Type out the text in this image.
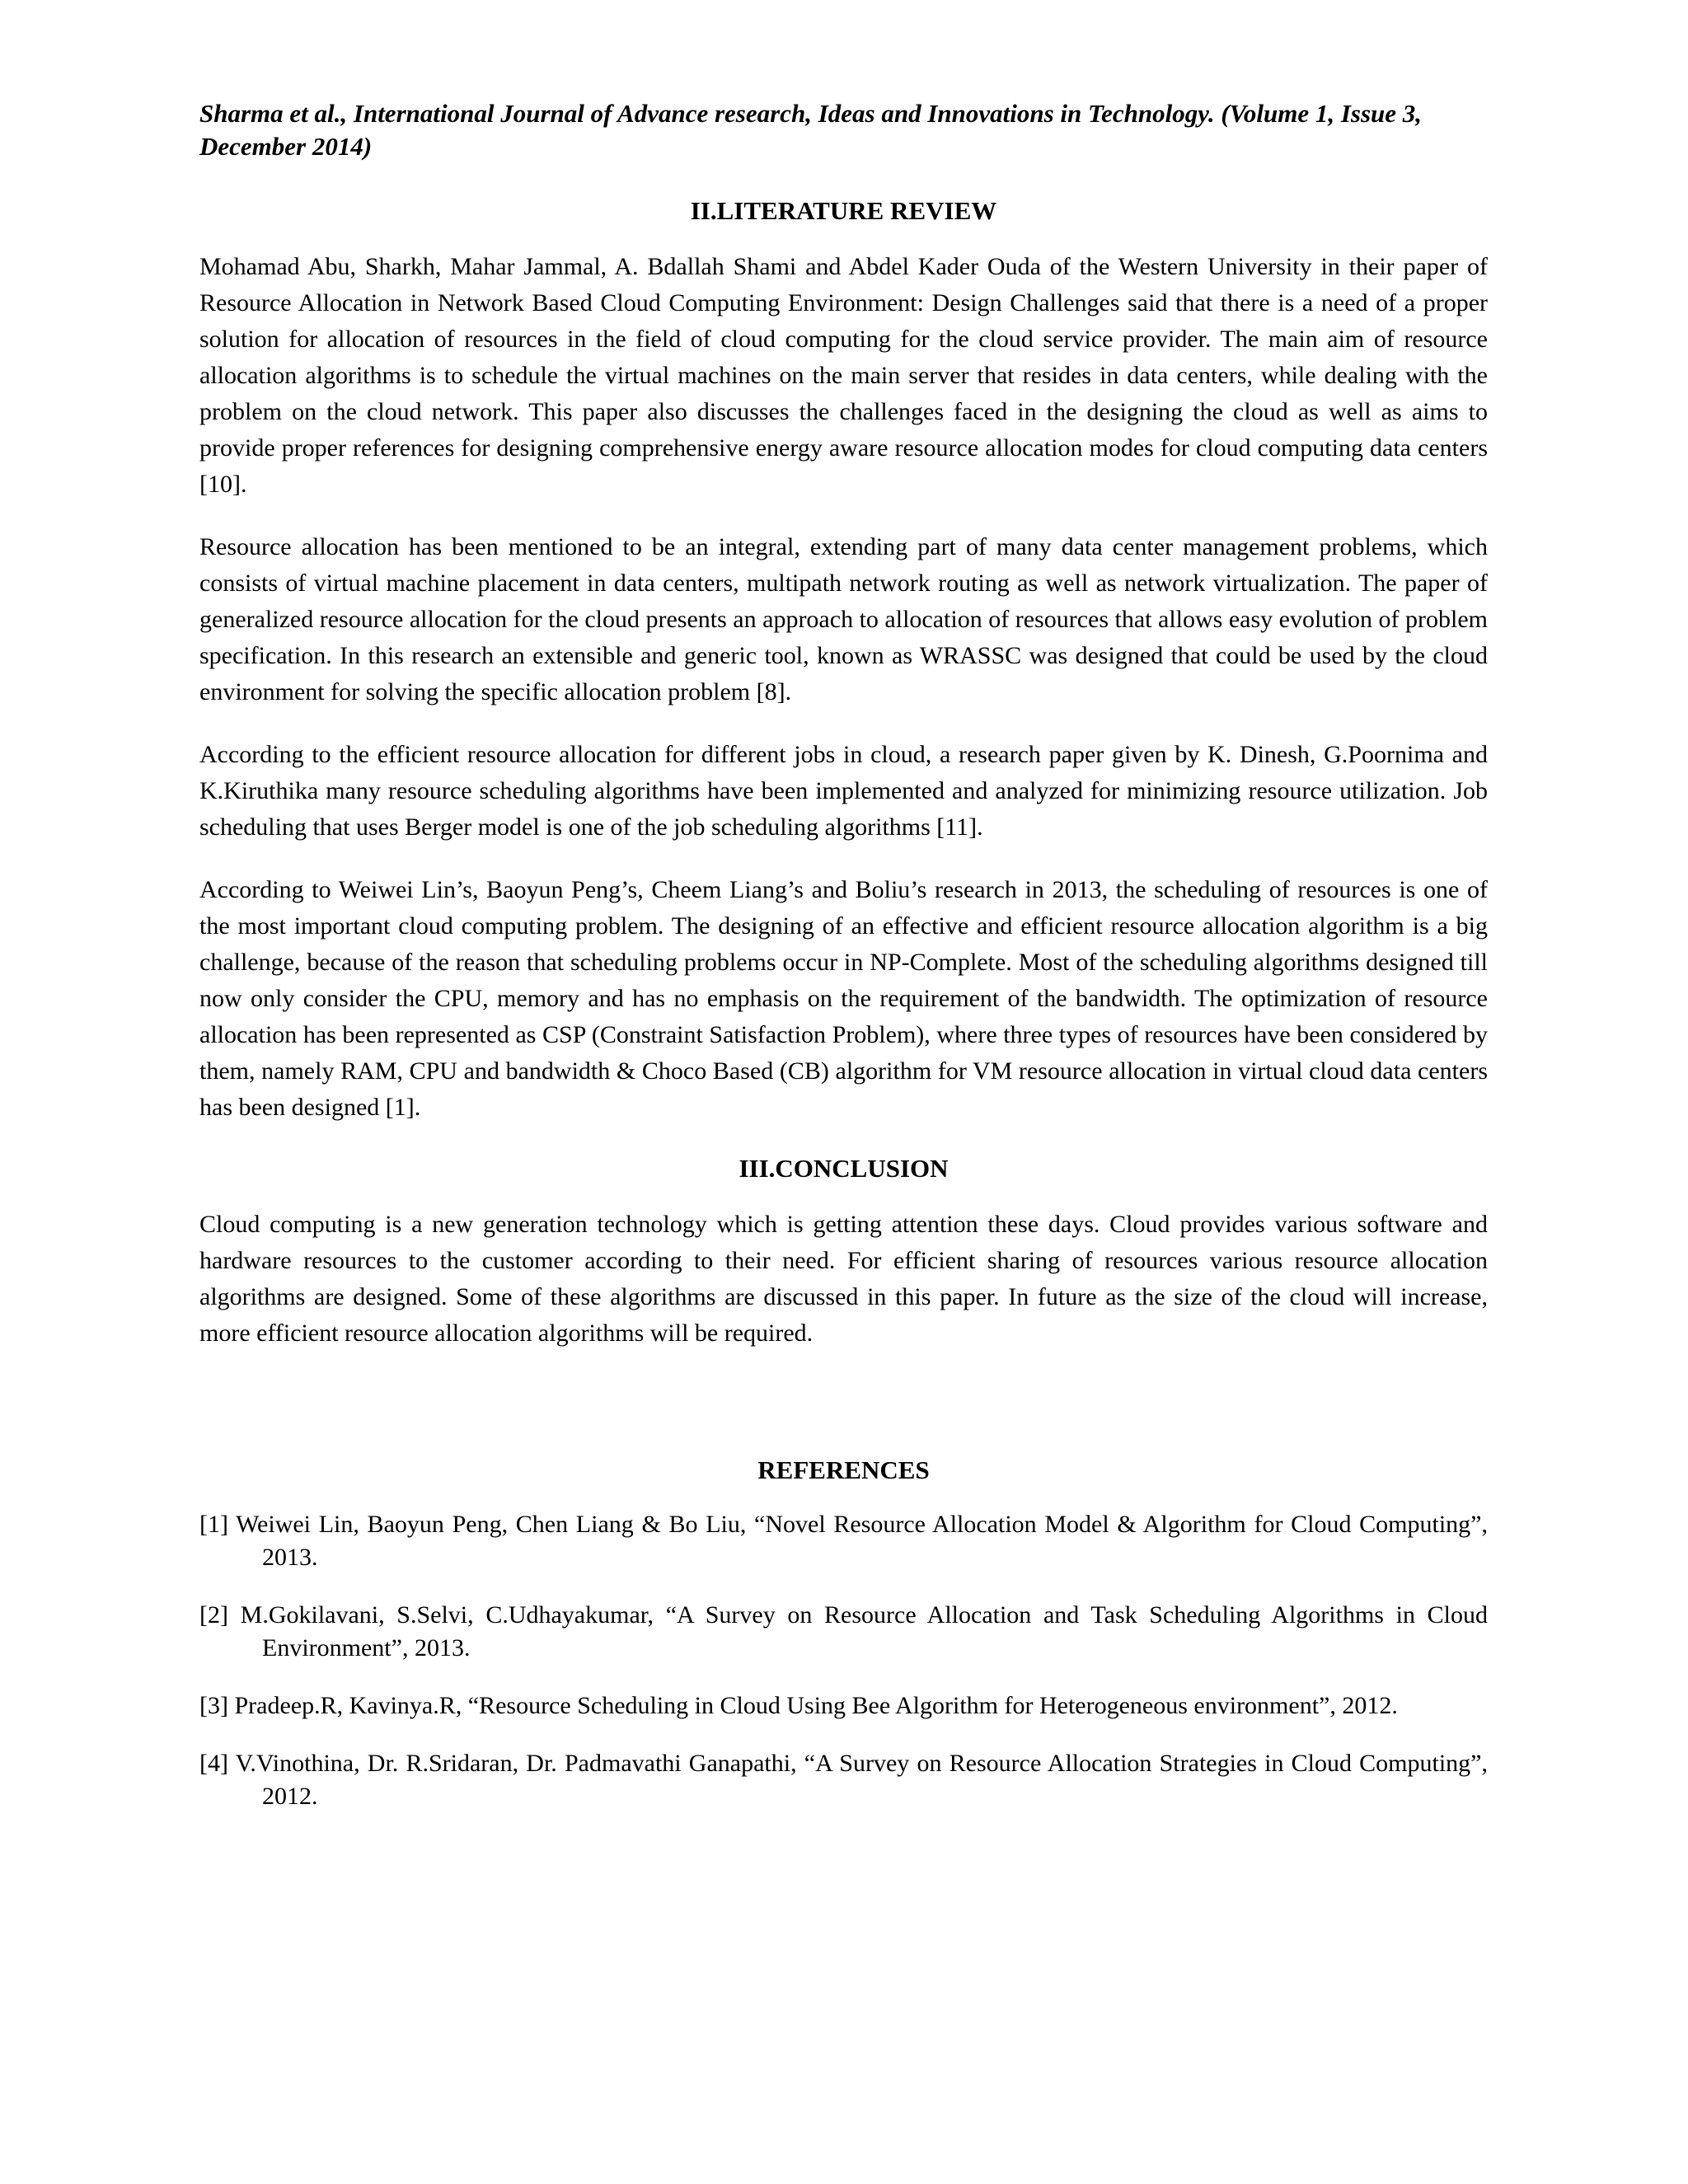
Sharma et al., International Journal of Advance research, Ideas and Innovations in Technology. (Volume 1, Issue 3, December 2014)
II.LITERATURE REVIEW

Mohamad Abu, Sharkh, Mahar Jammal, A. Bdallah Shami and Abdel Kader Ouda of the Western University in their paper of Resource Allocation in Network Based Cloud Computing Environment: Design Challenges said that there is a need of a proper solution for allocation of resources in the field of cloud computing for the cloud service provider. The main aim of resource allocation algorithms is to schedule the virtual machines on the main server that resides in data centers, while dealing with the problem on the cloud network. This paper also discusses the challenges faced in the designing the cloud as well as aims to provide proper references for designing comprehensive energy aware resource allocation modes for cloud computing data centers [10].

Resource allocation has been mentioned to be an integral, extending part of many data center management problems, which consists of virtual machine placement in data centers, multipath network routing as well as network virtualization. The paper of generalized resource allocation for the cloud presents an approach to allocation of resources that allows easy evolution of problem specification. In this research an extensible and generic tool, known as WRASSC was designed that could be used by the cloud environment for solving the specific allocation problem [8].

According to the efficient resource allocation for different jobs in cloud, a research paper given by K. Dinesh, G.Poornima and K.Kiruthika many resource scheduling algorithms have been implemented and analyzed for minimizing resource utilization. Job scheduling that uses Berger model is one of the job scheduling algorithms [11].

According to Weiwei Lin’s, Baoyun Peng’s, Cheem Liang’s and Boliu’s research in 2013, the scheduling of resources is one of the most important cloud computing problem. The designing of an effective and efficient resource allocation algorithm is a big challenge, because of the reason that scheduling problems occur in NP-Complete. Most of the scheduling algorithms designed till now only consider the CPU, memory and has no emphasis on the requirement of the bandwidth. The optimization of resource allocation has been represented as CSP (Constraint Satisfaction Problem), where three types of resources have been considered by them, namely RAM, CPU and bandwidth & Choco Based (CB) algorithm for VM resource allocation in virtual cloud data centers has been designed [1].

III.CONCLUSION

Cloud computing is a new generation technology which is getting attention these days. Cloud provides various software and hardware resources to the customer according to their need. For efficient sharing of resources various resource allocation algorithms are designed. Some of these algorithms are discussed in this paper. In future as the size of the cloud will increase, more efficient resource allocation algorithms will be required.

REFERENCES
[1] Weiwei Lin, Baoyun Peng, Chen Liang & Bo Liu, “Novel Resource Allocation Model & Algorithm for Cloud Computing”, 2013.
[2] M.Gokilavani, S.Selvi, C.Udhayakumar, “A Survey on Resource Allocation and Task Scheduling Algorithms in Cloud Environment”, 2013.
[3] Pradeep.R, Kavinya.R, “Resource Scheduling in Cloud Using Bee Algorithm for Heterogeneous environment”, 2012.
[4] V.Vinothina, Dr. R.Sridaran, Dr. Padmavathi Ganapathi, “A Survey on Resource Allocation Strategies in Cloud Computing”, 2012.
